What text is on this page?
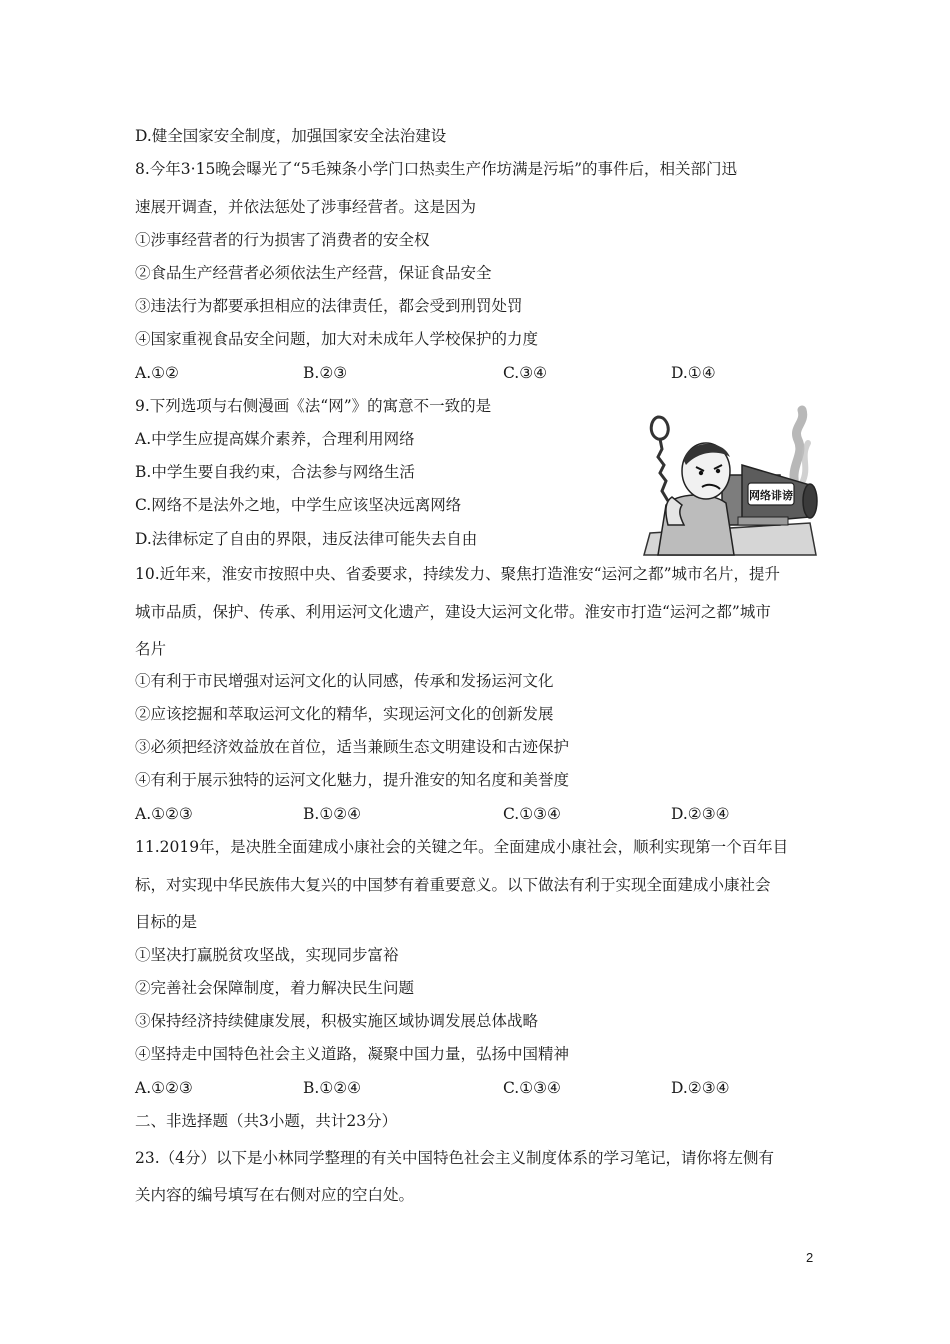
D.健全国家安全制度，加强国家安全法治建设
8.今年3·15晚会曝光了“5毛辣条小学门口热卖生产作坊满是污垢”的事件后，相关部门迅
速展开调查，并依法惩处了涉事经营者。这是因为
①涉事经营者的行为损害了消费者的安全权
②食品生产经营者必须依法生产经营，保证食品安全
③违法行为都要承担相应的法律责任，都会受到刑罚处罚
④国家重视食品安全问题，加大对未成年人学校保护的力度
A.①②	B.②③	C.③④	D.①④
9.下列选项与右侧漫画《法“网”》的寓意不一致的是
A.中学生应提高媒介素养，合理利用网络
B.中学生要自我约束，合法参与网络生活
C.网络不是法外之地，中学生应该坚决远离网络
D.法律标定了自由的界限，违反法律可能失去自由
网络诽谤
10.近年来，淮安市按照中央、省委要求，持续发力、聚焦打造淮安“运河之都”城市名片，提升
城市品质，保护、传承、利用运河文化遗产，建设大运河文化带。淮安市打造“运河之都”城市
名片
①有利于市民增强对运河文化的认同感，传承和发扬运河文化
②应该挖掘和萃取运河文化的精华，实现运河文化的创新发展
③必须把经济效益放在首位，适当兼顾生态文明建设和古迹保护
④有利于展示独特的运河文化魅力，提升淮安的知名度和美誉度
A.①②③	B.①②④	C.①③④	D.②③④
11.2019年，是决胜全面建成小康社会的关键之年。全面建成小康社会，顺利实现第一个百年目
标，对实现中华民族伟大复兴的中国梦有着重要意义。以下做法有利于实现全面建成小康社会
目标的是
①坚决打赢脱贫攻坚战，实现同步富裕
②完善社会保障制度，着力解决民生问题
③保持经济持续健康发展，积极实施区域协调发展总体战略
④坚持走中国特色社会主义道路，凝聚中国力量，弘扬中国精神
A.①②③	B.①②④	C.①③④	D.②③④
二、非选择题（共3小题，共计23分）
23.（4分）以下是小林同学整理的有关中国特色社会主义制度体系的学习笔记，请你将左侧有
关内容的编号填写在右侧对应的空白处。
2
